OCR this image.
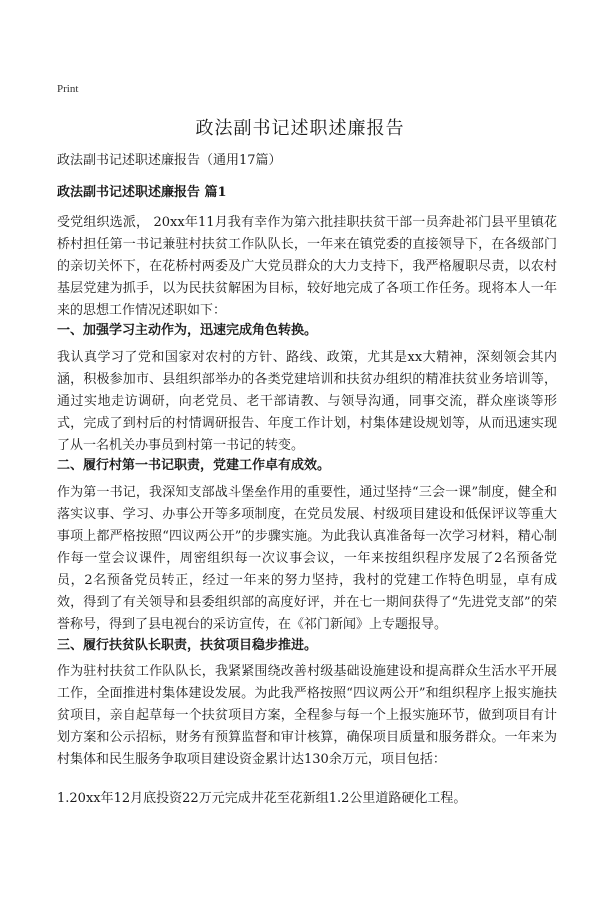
Print
政法副书记述职述廉报告
政法副书记述职述廉报告（通用17篇）
政法副书记述职述廉报告 篇1
受党组织选派， 20xx年11月我有幸作为第六批挂职扶贫干部一员奔赴祁门县平里镇花桥村担任第一书记兼驻村扶贫工作队队长，一年来在镇党委的直接领导下，在各级部门的亲切关怀下，在花桥村两委及广大党员群众的大力支持下，我严格履职尽责，以农村基层党建为抓手，以为民扶贫解困为目标，较好地完成了各项工作任务。现将本人一年来的思想工作情况述职如下：
一、加强学习主动作为，迅速完成角色转换。
我认真学习了党和国家对农村的方针、路线、政策，尤其是xx大精神，深刻领会其内涵，积极参加市、县组织部举办的各类党建培训和扶贫办组织的精准扶贫业务培训等，通过实地走访调研，向老党员、老干部请教、与领导沟通，同事交流，群众座谈等形式，完成了到村后的村情调研报告、年度工作计划，村集体建设规划等，从而迅速实现了从一名机关办事员到村第一书记的转变。
二、履行村第一书记职责，党建工作卓有成效。
作为第一书记，我深知支部战斗堡垒作用的重要性，通过坚持“三会一课”制度，健全和落实议事、学习、办事公开等多项制度，在党员发展、村级项目建设和低保评议等重大事项上都严格按照“四议两公开”的步骤实施。为此我认真准备每一次学习材料，精心制作每一堂会议课件，周密组织每一次议事会议，一年来按组织程序发展了2名预备党员，2名预备党员转正，经过一年来的努力坚持，我村的党建工作特色明显，卓有成效，得到了有关领导和县委组织部的高度好评，并在七一期间获得了“先进党支部”的荣誉称号，得到了县电视台的采访宣传，在《祁门新闻》上专题报导。
三、履行扶贫队长职责，扶贫项目稳步推进。
作为驻村扶贫工作队队长，我紧紧围绕改善村级基础设施建设和提高群众生活水平开展工作，全面推进村集体建设发展。为此我严格按照“四议两公开”和组织程序上报实施扶贫项目，亲自起草每一个扶贫项目方案，全程参与每一个上报实施环节，做到项目有计划方案和公示招标，财务有预算监督和审计核算，确保项目质量和服务群众。一年来为村集体和民生服务争取项目建设资金累计达130余万元，项目包括：
1.20xx年12月底投资22万元完成井花至花新组1.2公里道路硬化工程。
